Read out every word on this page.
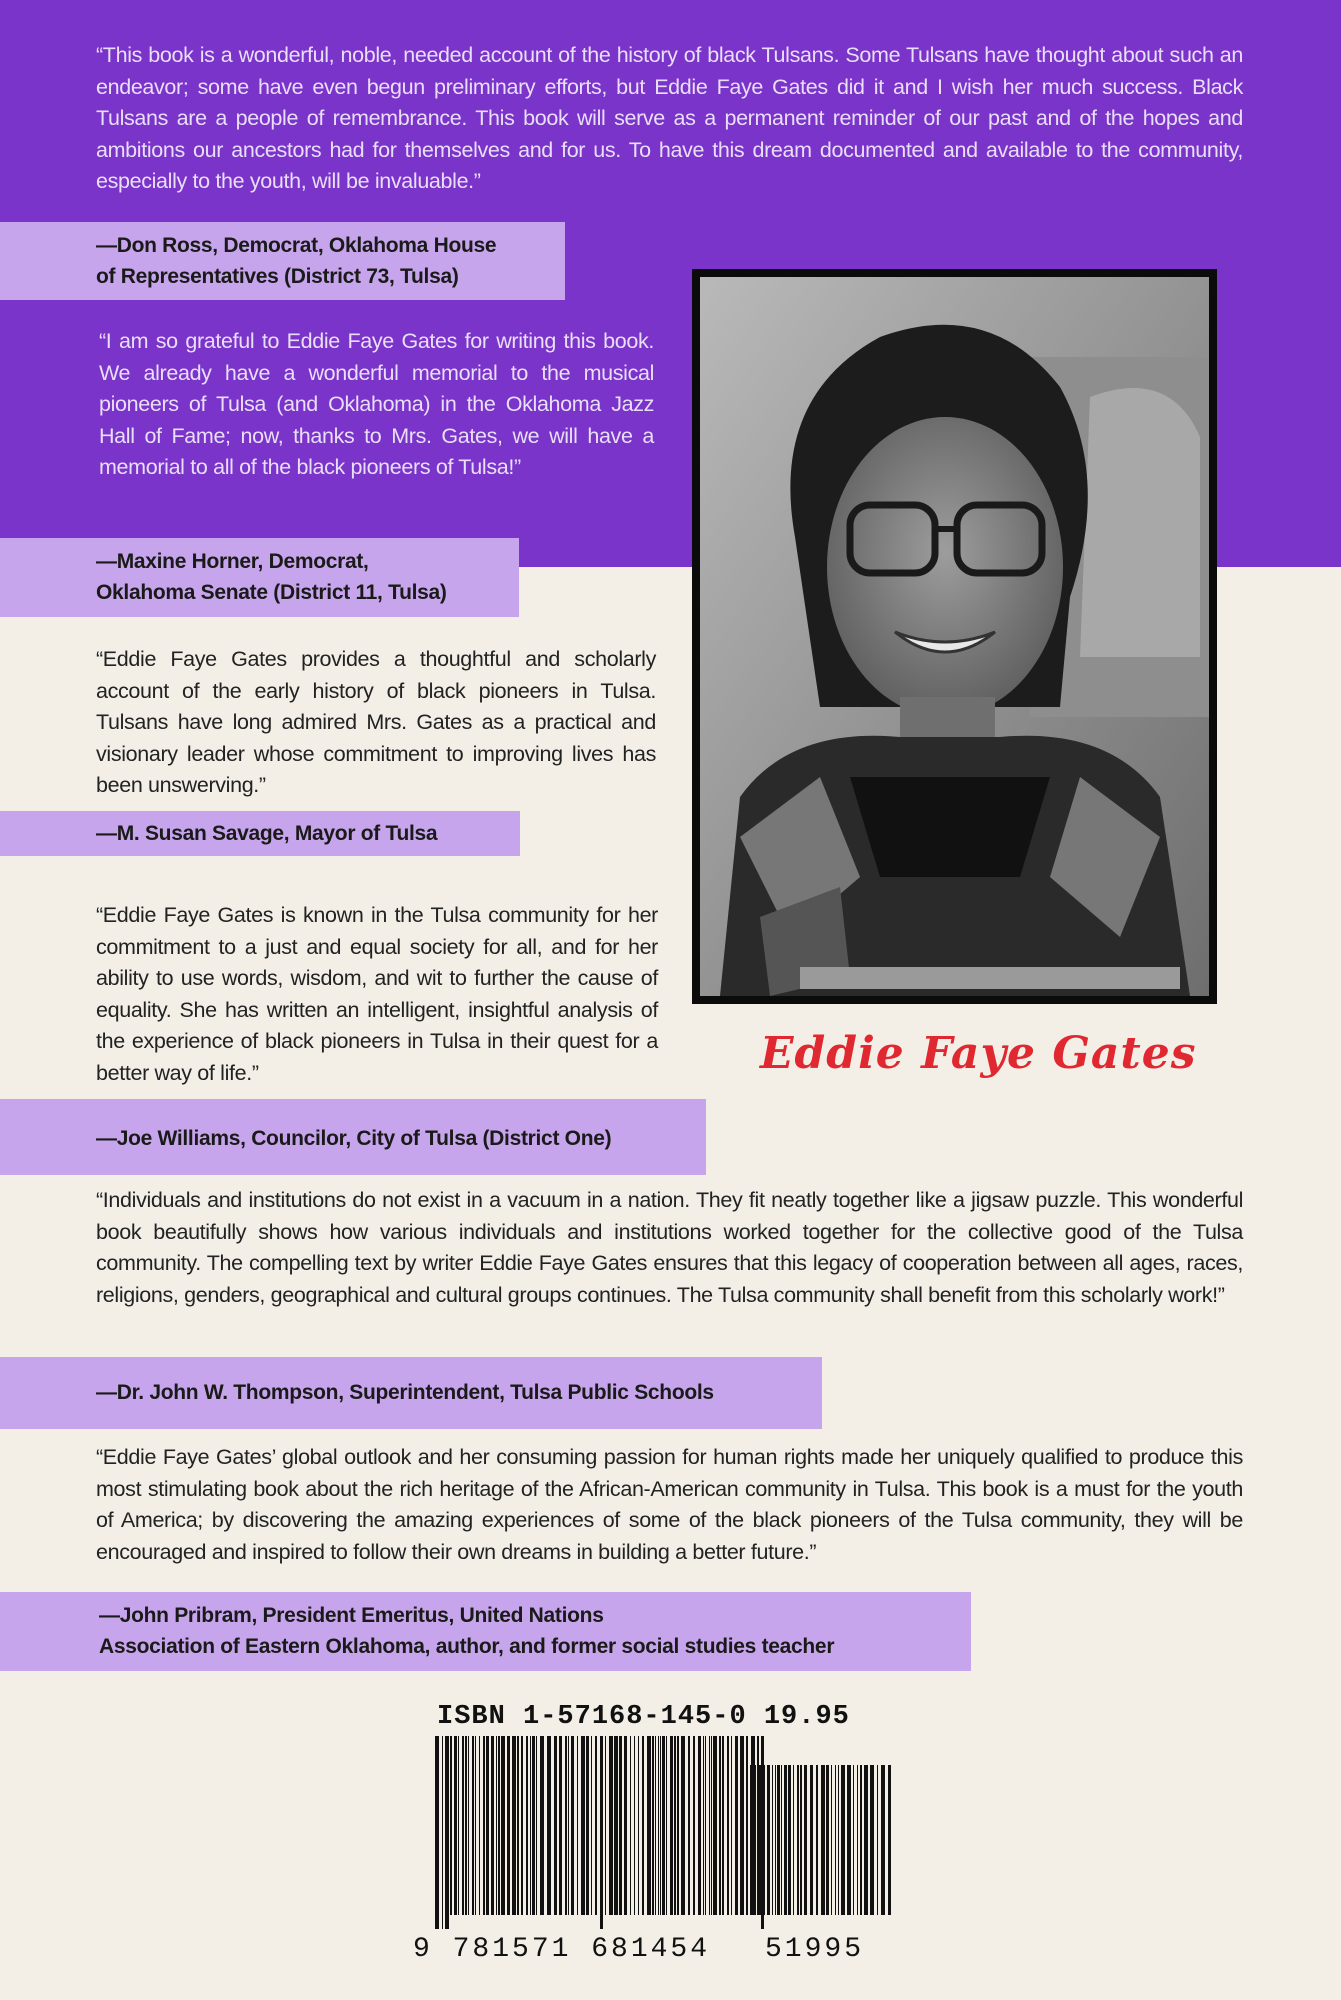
“This book is a wonderful, noble, needed account of the history of black Tulsans. Some Tulsans have thought about such an endeavor; some have even begun preliminary efforts, but Eddie Faye Gates did it and I wish her much success. Black Tulsans are a people of remembrance. This book will serve as a permanent reminder of our past and of the hopes and ambitions our ancestors had for themselves and for us. To have this dream documented and available to the community, especially to the youth, will be invaluable.”

—Don Ross, Democrat, Oklahoma House
of Representatives (District 73, Tulsa)

“I am so grateful to Eddie Faye Gates for writing this book. We already have a wonderful memorial to the musical pioneers of Tulsa (and Oklahoma) in the Oklahoma Jazz Hall of Fame; now, thanks to Mrs. Gates, we will have a memorial to all of the black pioneers of Tulsa!”

—Maxine Horner, Democrat,
Oklahoma Senate (District 11, Tulsa)

“Eddie Faye Gates provides a thoughtful and scholarly account of the early history of black pioneers in Tulsa. Tulsans have long admired Mrs. Gates as a practical and visionary leader whose commitment to improving lives has been unswerving.”

—M. Susan Savage, Mayor of Tulsa

“Eddie Faye Gates is known in the Tulsa community for her commitment to a just and equal society for all, and for her ability to use words, wisdom, and wit to further the cause of equality. She has written an intelligent, insightful analysis of the experience of black pioneers in Tulsa in their quest for a better way of life.”

—Joe Williams, Councilor, City of Tulsa (District One)

“Individuals and institutions do not exist in a vacuum in a nation. They fit neatly together like a jigsaw puzzle. This wonderful book beautifully shows how various individuals and institutions worked together for the collective good of the Tulsa community. The compelling text by writer Eddie Faye Gates ensures that this legacy of cooperation between all ages, races, religions, genders, geographical and cultural groups continues. The Tulsa community shall benefit from this scholarly work!”

—Dr. John W. Thompson, Superintendent, Tulsa Public Schools

“Eddie Faye Gates’ global outlook and her consuming passion for human rights made her uniquely qualified to produce this most stimulating book about the rich heritage of the African-American community in Tulsa. This book is a must for the youth of America; by discovering the amazing experiences of some of the black pioneers of the Tulsa community, they will be encouraged and inspired to follow their own dreams in building a better future.”

—John Pribram, President Emeritus, United Nations
Association of Eastern Oklahoma, author, and former social studies teacher
Eddie Faye Gates
ISBN 1-57168-145-0 19.95
9 781571 681454	51995
